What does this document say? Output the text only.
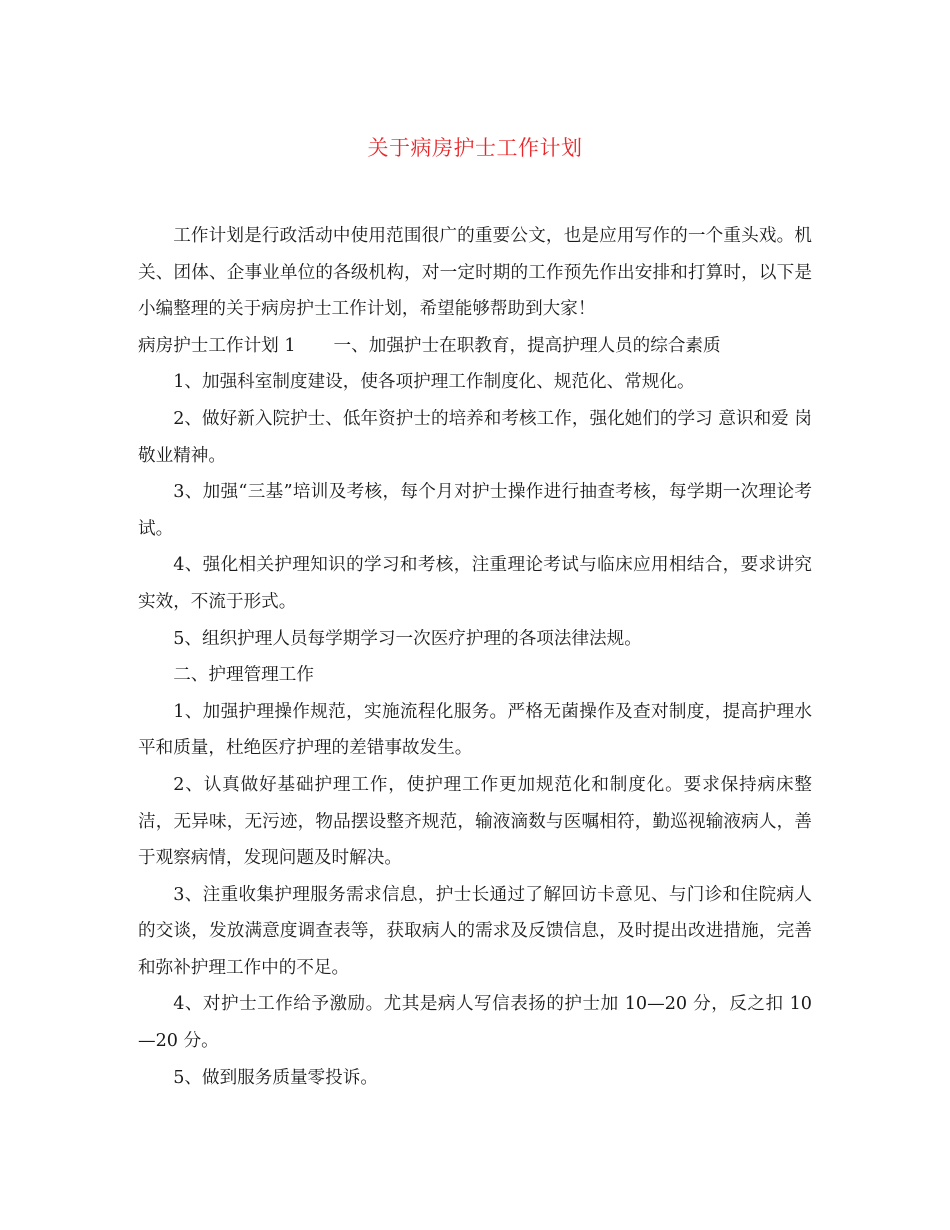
关于病房护士工作计划

工作计划是行政活动中使用范围很广的重要公文，也是应用写作的一个重头戏。机关、团体、企事业单位的各级机构，对一定时期的工作预先作出安排和打算时，以下是小编整理的关于病房护士工作计划，希望能够帮助到大家！

病房护士工作计划 1 一、加强护士在职教育，提高护理人员的综合素质

1、加强科室制度建设，使各项护理工作制度化、规范化、常规化。

2、做好新入院护士、低年资护士的培养和考核工作，强化她们的学习 意识和爱 岗敬业精神。

3、加强“三基”培训及考核，每个月对护士操作进行抽查考核，每学期一次理论考试。

4、强化相关护理知识的学习和考核，注重理论考试与临床应用相结合，要求讲究实效，不流于形式。

5、组织护理人员每学期学习一次医疗护理的各项法律法规。

二、护理管理工作

1、加强护理操作规范，实施流程化服务。严格无菌操作及查对制度，提高护理水平和质量，杜绝医疗护理的差错事故发生。

2、认真做好基础护理工作，使护理工作更加规范化和制度化。要求保持病床整洁，无异味，无污迹，物品摆设整齐规范，输液滴数与医嘱相符，勤巡视输液病人，善于观察病情，发现问题及时解决。

3、注重收集护理服务需求信息，护士长通过了解回访卡意见、与门诊和住院病人的交谈，发放满意度调查表等，获取病人的需求及反馈信息，及时提出改进措施，完善和弥补护理工作中的不足。

4、对护士工作给予激励。尤其是病人写信表扬的护士加 10—20 分，反之扣 10—20 分。

5、做到服务质量零投诉。
